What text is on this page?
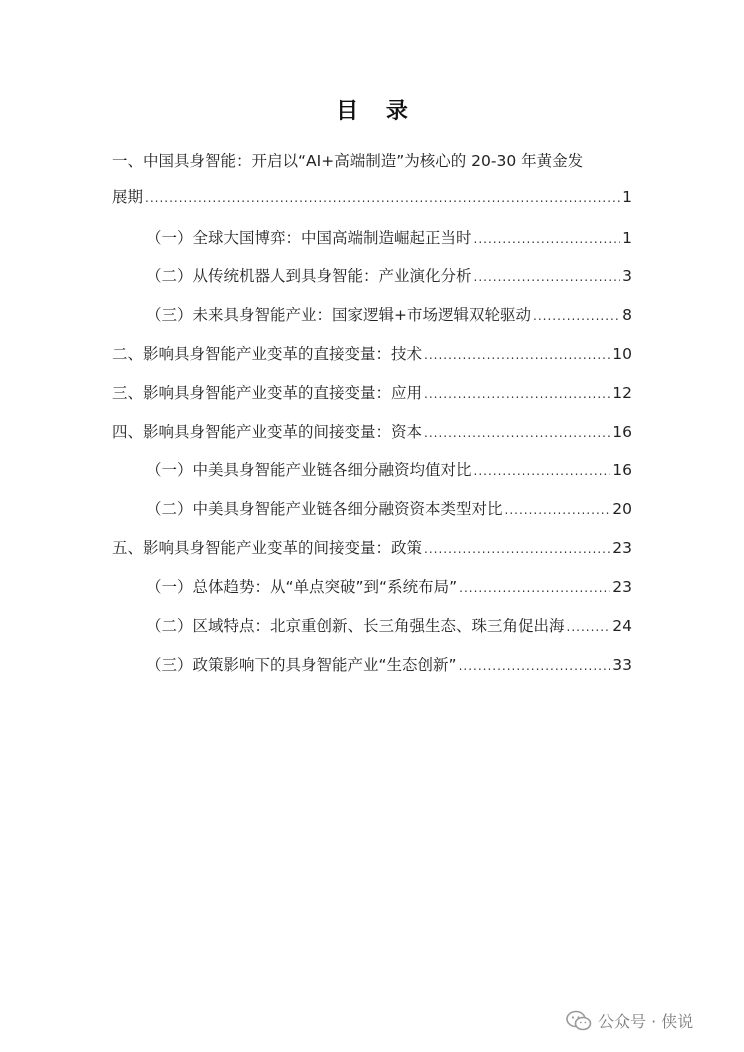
目 录
一、中国具身智能：开启以“AI+高端制造”为核心的 20-30 年黄金发
展期 .....	1
（一）全球大国博弈：中国高端制造崛起正当时 .....	1
（二）从传统机器人到具身智能：产业演化分析 .....	3
（三）未来具身智能产业：国家逻辑+市场逻辑双轮驱动 .....	8
二、影响具身智能产业变革的直接变量：技术 .....	10
三、影响具身智能产业变革的直接变量：应用 .....	12
四、影响具身智能产业变革的间接变量：资本 .....	16
（一）中美具身智能产业链各细分融资均值对比 .....	16
（二）中美具身智能产业链各细分融资资本类型对比 .....	20
五、影响具身智能产业变革的间接变量：政策 .....	23
（一）总体趋势：从“单点突破”到“系统布局” .....	23
（二）区域特点：北京重创新、长三角强生态、珠三角促出海 .....	24
（三）政策影响下的具身智能产业“生态创新” .....	33
公众号 · 侠说
